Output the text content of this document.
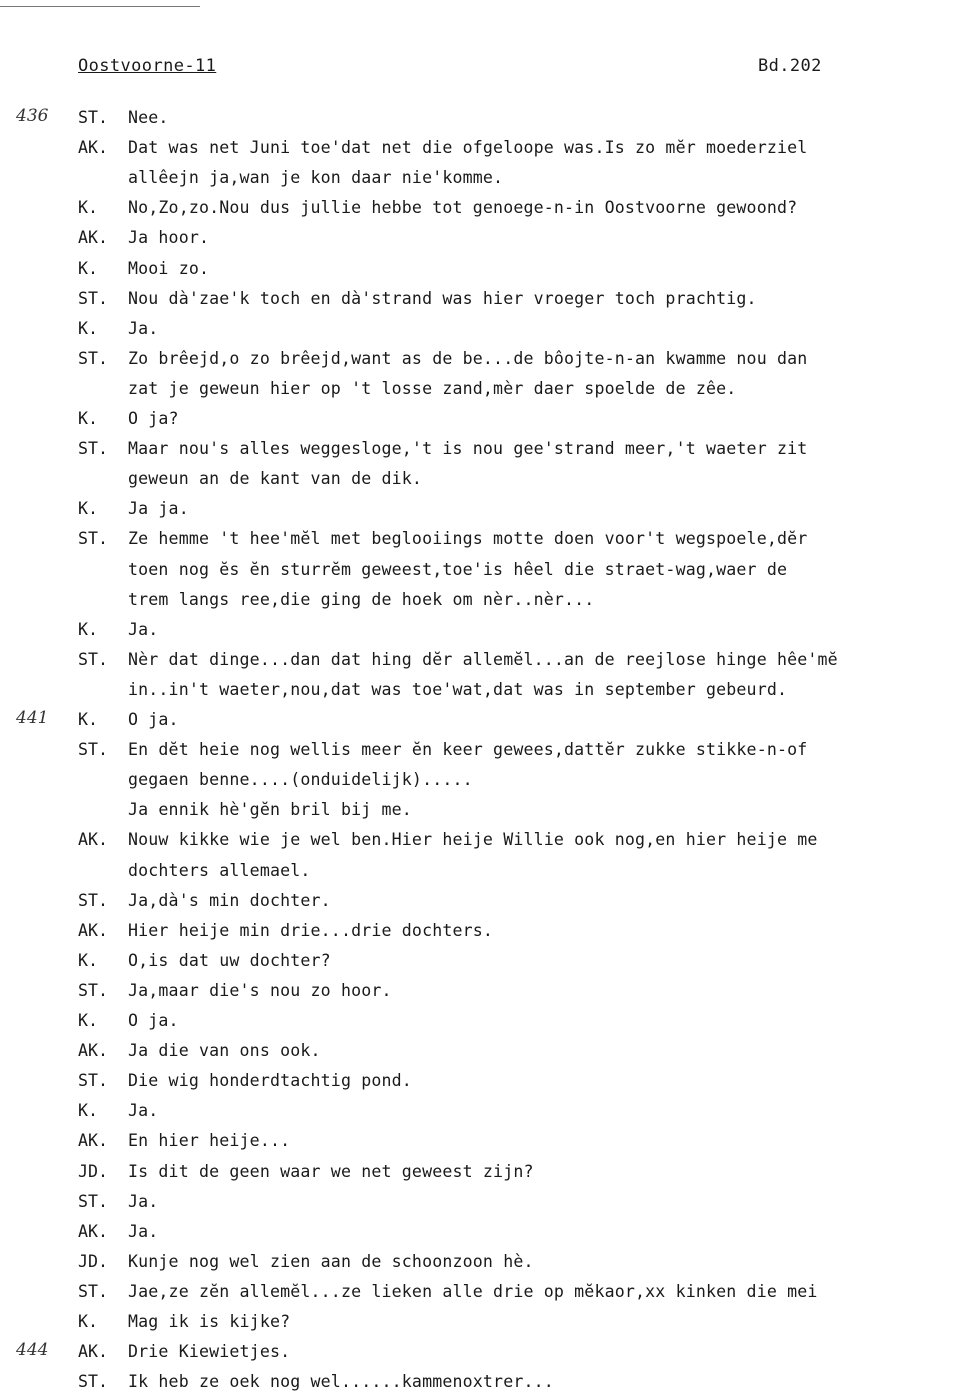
Oostvoorne-11	Bd.202
436 ST. Nee.
AK. Dat was net Juni toe'dat net die ofgeloope was.Is zo mĕr moederziel
allêejn ja,wan je kon daar nie'komme.
K. No,Zo,zo.Nou dus jullie hebbe tot genoege-n-in Oostvoorne gewoond?
AK. Ja hoor.
K. Mooi zo.
ST. Nou dà'zae'k toch en dà'strand was hier vroeger toch prachtig.
K. Ja.
ST. Zo brêejd,o zo brêejd,want as de be...de bôojte-n-an kwamme nou dan
zat je geweun hier op 't losse zand,mèr daer spoelde de zêe.
K. O ja?
ST. Maar nou's alles weggesloge,'t is nou gee'strand meer,'t waeter zit
geweun an de kant van de dik.
K. Ja ja.
ST. Ze hemme 't hee'mĕl met beglooiings motte doen voor't wegspoele,dĕr
toen nog ĕs ĕn sturrĕm geweest,toe'is hêel die straet-wag,waer de
trem langs ree,die ging de hoek om nèr..nèr...
K. Ja.
ST. Nèr dat dinge...dan dat hing dĕr allemĕl...an de reejlose hinge hêe'mĕ
in..in't waeter,nou,dat was toe'wat,dat was in september gebeurd.
441 K. O ja.
ST. En dĕt heie nog wellis meer ĕn keer gewees,dattĕr zukke stikke-n-of
gegaen benne....(onduidelijk).....
Ja ennik hè'gĕn bril bij me.
AK. Nouw kikke wie je wel ben.Hier heije Willie ook nog,en hier heije me
dochters allemael.
ST. Ja,dà's min dochter.
AK. Hier heije min drie...drie dochters.
K. O,is dat uw dochter?
ST. Ja,maar die's nou zo hoor.
K. O ja.
AK. Ja die van ons ook.
ST. Die wig honderdtachtig pond.
K. Ja.
AK. En hier heije...
JD. Is dit de geen waar we net geweest zijn?
ST. Ja.
AK. Ja.
JD. Kunje nog wel zien aan de schoonzoon hè.
ST. Jae,ze zĕn allemĕl...ze lieken alle drie op mĕkaor,xx kinken die mei
K. Mag ik is kijke?
444 AK. Drie Kiewietjes.
ST. Ik heb ze oek nog wel......kammenoxtrer...
